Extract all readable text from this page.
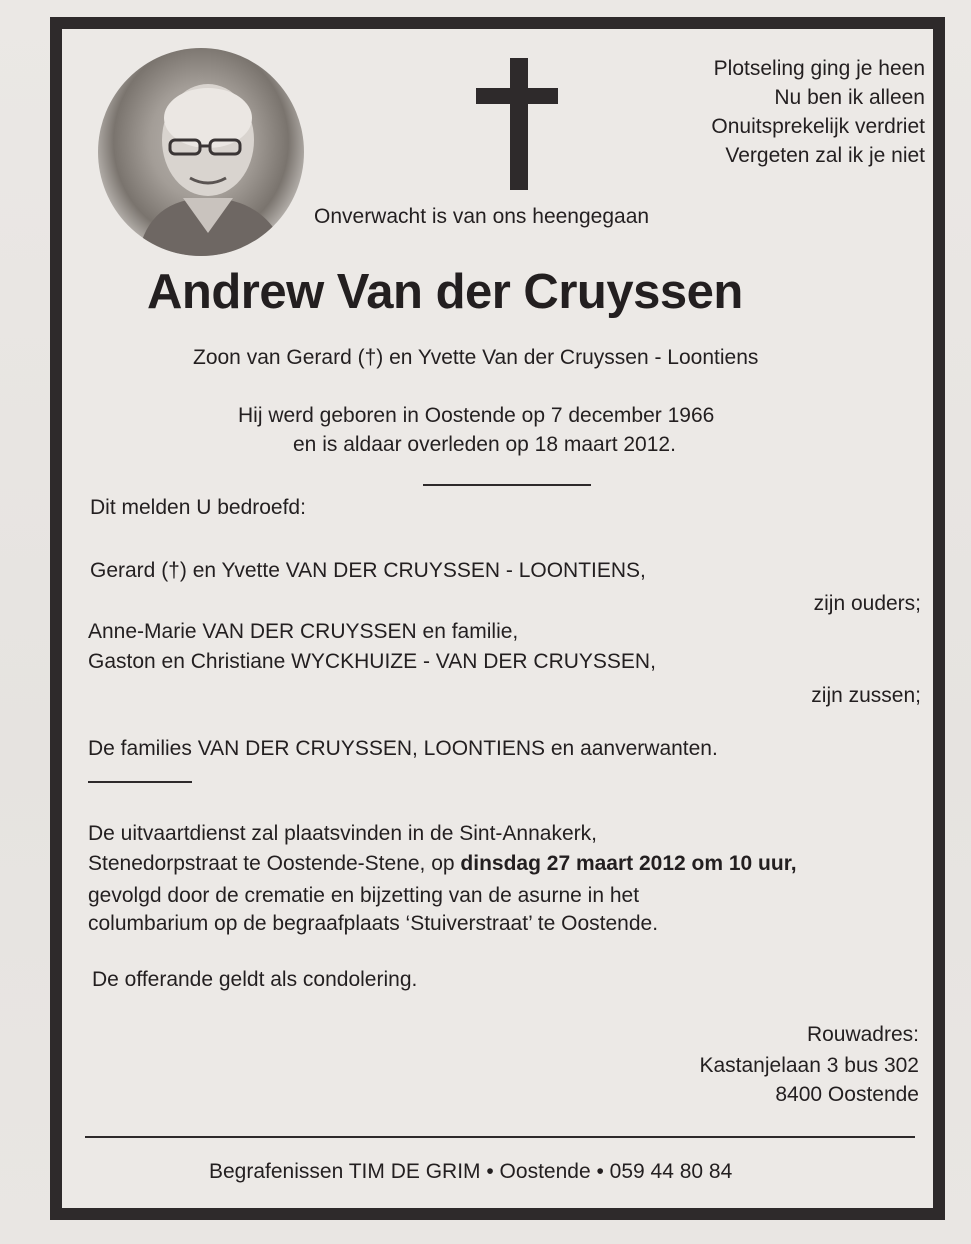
Plotseling ging je heen
Nu ben ik alleen
Onuitsprekelijk verdriet
Vergeten zal ik je niet
Onverwacht is van ons heengegaan
Andrew Van der Cruyssen
Zoon van Gerard (†) en Yvette Van der Cruyssen - Loontiens
Hij werd geboren in Oostende op 7 december 1966
en is aldaar overleden op 18 maart 2012.
Dit melden U bedroefd:
Gerard (†) en Yvette VAN DER CRUYSSEN - LOONTIENS,
zijn ouders;
Anne-Marie VAN DER CRUYSSEN en familie,
Gaston en Christiane WYCKHUIZE - VAN DER CRUYSSEN,
zijn zussen;
De families VAN DER CRUYSSEN, LOONTIENS en aanverwanten.
De uitvaartdienst zal plaatsvinden in de Sint-Annakerk,
Stenedorpstraat te Oostende-Stene, op dinsdag 27 maart 2012 om 10 uur,
gevolgd door de crematie en bijzetting van de asurne in het
columbarium op de begraafplaats ‘Stuiverstraat’ te Oostende.
De offerande geldt als condolering.
Rouwadres:
Kastanjelaan 3 bus 302
8400 Oostende
Begrafenissen TIM DE GRIM • Oostende • 059 44 80 84
